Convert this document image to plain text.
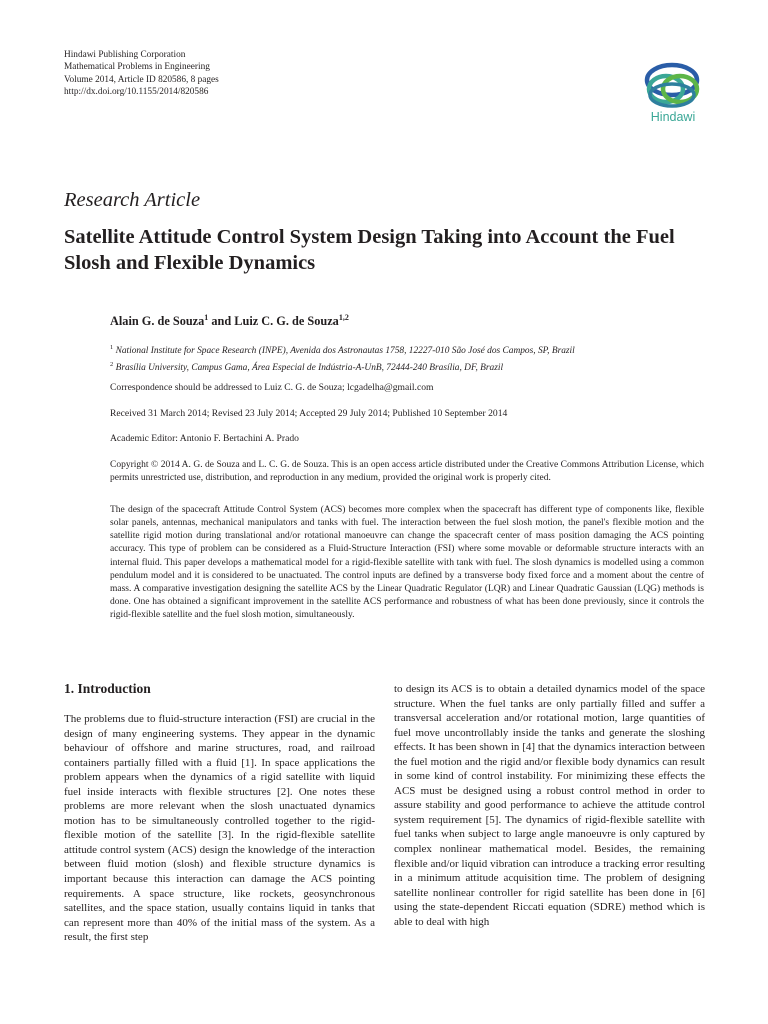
Hindawi Publishing Corporation
Mathematical Problems in Engineering
Volume 2014, Article ID 820586, 8 pages
http://dx.doi.org/10.1155/2014/820586
Hindawi
Research Article
Satellite Attitude Control System Design Taking into Account the Fuel Slosh and Flexible Dynamics
Alain G. de Souza$^1$ and Luiz C. G. de Souza$^{1,2}$
$^1$ National Institute for Space Research (INPE), Avenida dos Astronautas 1758, 12227-010 São José dos Campos, SP, Brazil
$^2$ Brasília University, Campus Gama, Área Especial de Indústria-A-UnB, 72444-240 Brasília, DF, Brazil
Correspondence should be addressed to Luiz C. G. de Souza; lcgadelha@gmail.com
Received 31 March 2014; Revised 23 July 2014; Accepted 29 July 2014; Published 10 September 2014
Academic Editor: Antonio F. Bertachini A. Prado
Copyright © 2014 A. G. de Souza and L. C. G. de Souza. This is an open access article distributed under the Creative Commons Attribution License, which permits unrestricted use, distribution, and reproduction in any medium, provided the original work is properly cited.
The design of the spacecraft Attitude Control System (ACS) becomes more complex when the spacecraft has different type of components like, flexible solar panels, antennas, mechanical manipulators and tanks with fuel. The interaction between the fuel slosh motion, the panel's flexible motion and the satellite rigid motion during translational and/or rotational manoeuvre can change the spacecraft center of mass position damaging the ACS pointing accuracy. This type of problem can be considered as a Fluid-Structure Interaction (FSI) where some movable or deformable structure interacts with an internal fluid. This paper develops a mathematical model for a rigid-flexible satellite with tank with fuel. The slosh dynamics is modelled using a common pendulum model and it is considered to be unactuated. The control inputs are defined by a transverse body fixed force and a moment about the centre of mass. A comparative investigation designing the satellite ACS by the Linear Quadratic Regulator (LQR) and Linear Quadratic Gaussian (LQG) methods is done. One has obtained a significant improvement in the satellite ACS performance and robustness of what has been done previously, since it controls the rigid-flexible satellite and the fuel slosh motion, simultaneously.
1. Introduction

The problems due to fluid-structure interaction (FSI) are crucial in the design of many engineering systems. They appear in the dynamic behaviour of offshore and marine structures, road, and railroad containers partially filled with a fluid [1]. In space applications the problem appears when the dynamics of a rigid satellite with liquid fuel inside interacts with flexible structures [2]. One notes these problems are more relevant when the slosh unactuated dynamics motion has to be simultaneously controlled together to the rigid-flexible motion of the satellite [3]. In the rigid-flexible satellite attitude control system (ACS) design the knowledge of the interaction between fluid motion (slosh) and flexible structure dynamics is important because this interaction can damage the ACS pointing requirements. A space structure, like rockets, geosynchronous satellites, and the space station, usually contains liquid in tanks that can represent more than 40% of the initial mass of the system. As a result, the first step

to design its ACS is to obtain a detailed dynamics model of the space structure. When the fuel tanks are only partially filled and suffer a transversal acceleration and/or rotational motion, large quantities of fuel move uncontrollably inside the tanks and generate the sloshing effects. It has been shown in [4] that the dynamics interaction between the fuel motion and the rigid and/or flexible body dynamics can result in some kind of control instability. For minimizing these effects the ACS must be designed using a robust control method in order to assure stability and good performance to achieve the attitude control system requirement [5]. The dynamics of rigid-flexible satellite with fuel tanks when subject to large angle manoeuvre is only captured by complex nonlinear mathematical model. Besides, the remaining flexible and/or liquid vibration can introduce a tracking error resulting in a minimum attitude acquisition time. The problem of designing satellite nonlinear controller for rigid satellite has been done in [6] using the state-dependent Riccati equation (SDRE) method which is able to deal with high
